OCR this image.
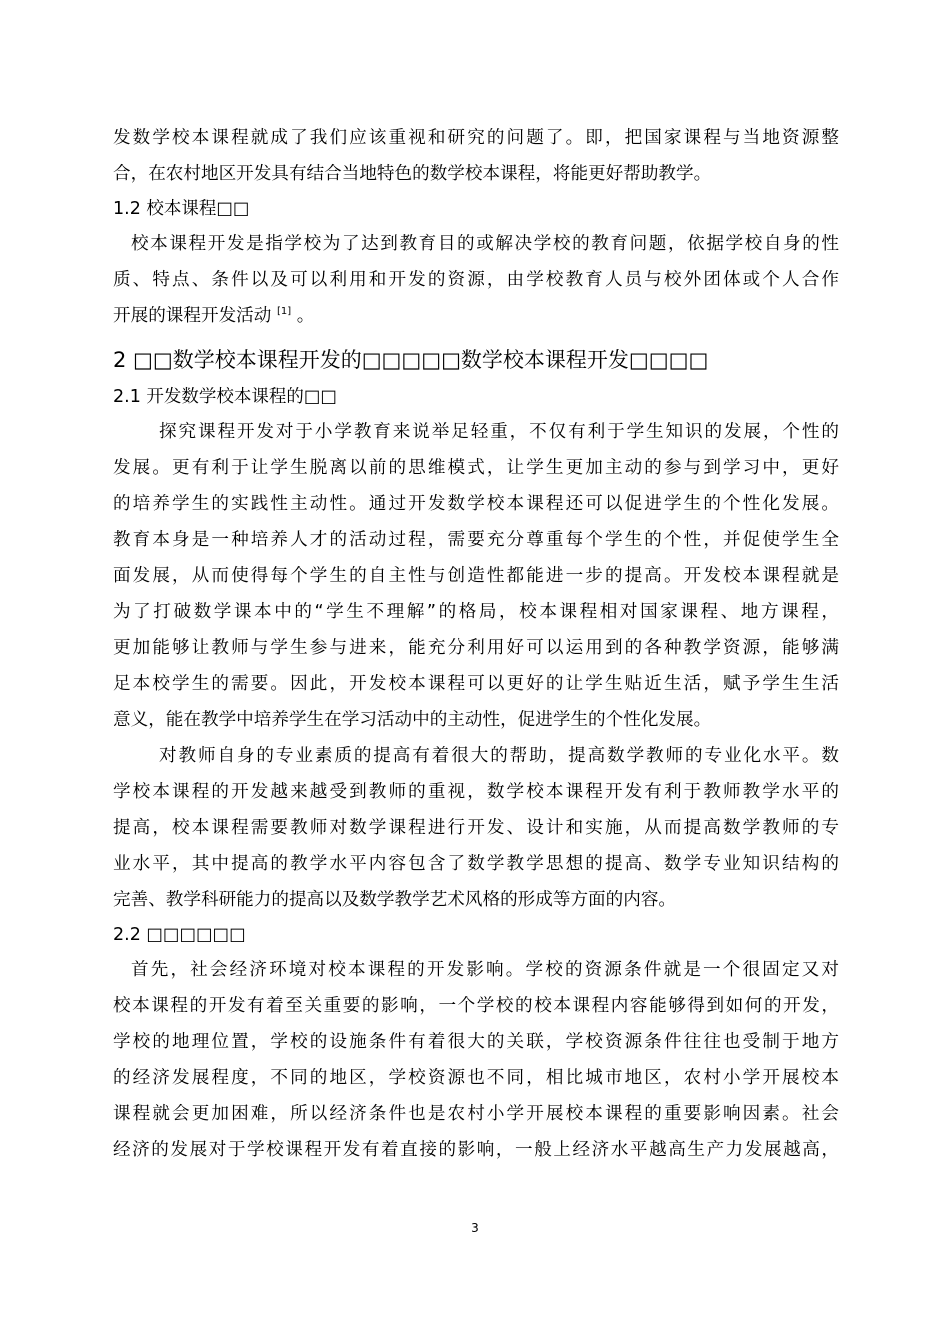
发数学校本课程就成了我们应该重视和研究的问题了。即，把国家课程与当地资源整
合，在农村地区开发具有结合当地特色的数学校本课程，将能更好帮助教学。
1.2 校本课程□□
校本课程开发是指学校为了达到教育目的或解决学校的教育问题，依据学校自身的性
质、特点、条件以及可以利用和开发的资源，由学校教育人员与校外团体或个人合作
开展的课程开发活动 [1] 。
2 □□数学校本课程开发的□□□□□数学校本课程开发□□□□
2.1 开发数学校本课程的□□
探究课程开发对于小学教育来说举足轻重，不仅有利于学生知识的发展，个性的
发展。更有利于让学生脱离以前的思维模式，让学生更加主动的参与到学习中，更好
的培养学生的实践性主动性。通过开发数学校本课程还可以促进学生的个性化发展。
教育本身是一种培养人才的活动过程，需要充分尊重每个学生的个性，并促使学生全
面发展，从而使得每个学生的自主性与创造性都能进一步的提高。开发校本课程就是
为了打破数学课本中的“学生不理解”的格局，校本课程相对国家课程、地方课程，
更加能够让教师与学生参与进来，能充分利用好可以运用到的各种教学资源，能够满
足本校学生的需要。因此，开发校本课程可以更好的让学生贴近生活，赋予学生生活
意义，能在教学中培养学生在学习活动中的主动性，促进学生的个性化发展。
对教师自身的专业素质的提高有着很大的帮助，提高数学教师的专业化水平。数
学校本课程的开发越来越受到教师的重视，数学校本课程开发有利于教师教学水平的
提高，校本课程需要教师对数学课程进行开发、设计和实施，从而提高数学教师的专
业水平，其中提高的教学水平内容包含了数学教学思想的提高、数学专业知识结构的
完善、教学科研能力的提高以及数学教学艺术风格的形成等方面的内容。
2.2 □□□□□□
首先，社会经济环境对校本课程的开发影响。学校的资源条件就是一个很固定又对
校本课程的开发有着至关重要的影响，一个学校的校本课程内容能够得到如何的开发，
学校的地理位置，学校的设施条件有着很大的关联，学校资源条件往往也受制于地方
的经济发展程度，不同的地区，学校资源也不同，相比城市地区，农村小学开展校本
课程就会更加困难，所以经济条件也是农村小学开展校本课程的重要影响因素。社会
经济的发展对于学校课程开发有着直接的影响，一般上经济水平越高生产力发展越高，
3
